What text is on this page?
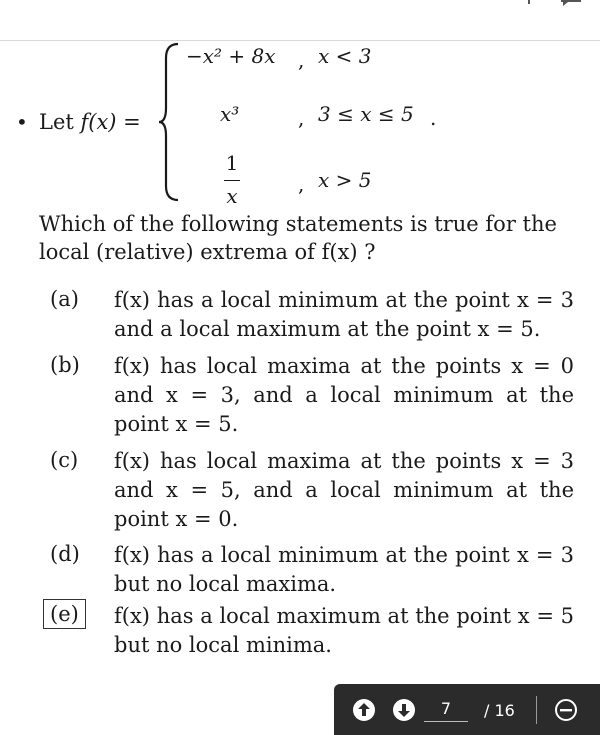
• Let f(x) =
−x² + 8x , x < 3
x³	, 3 ≤ x ≤ 5 .
1
x	, x > 5
Which of the following statements is true for the local (relative) extrema of f(x) ?
(a) f(x) has a local minimum at the point x = 3 and a local maximum at the point x = 5.
(b) f(x) has local maxima at the points x = 0 and x = 3, and a local minimum at the point x = 5.
(c) f(x) has local maxima at the points x = 3 and x = 5, and a local minimum at the point x = 0.
(d) f(x) has a local minimum at the point x = 3 but no local maxima.
(e)	f(x) has a local maximum at the point x = 5 but no local minima.
7	/ 16
